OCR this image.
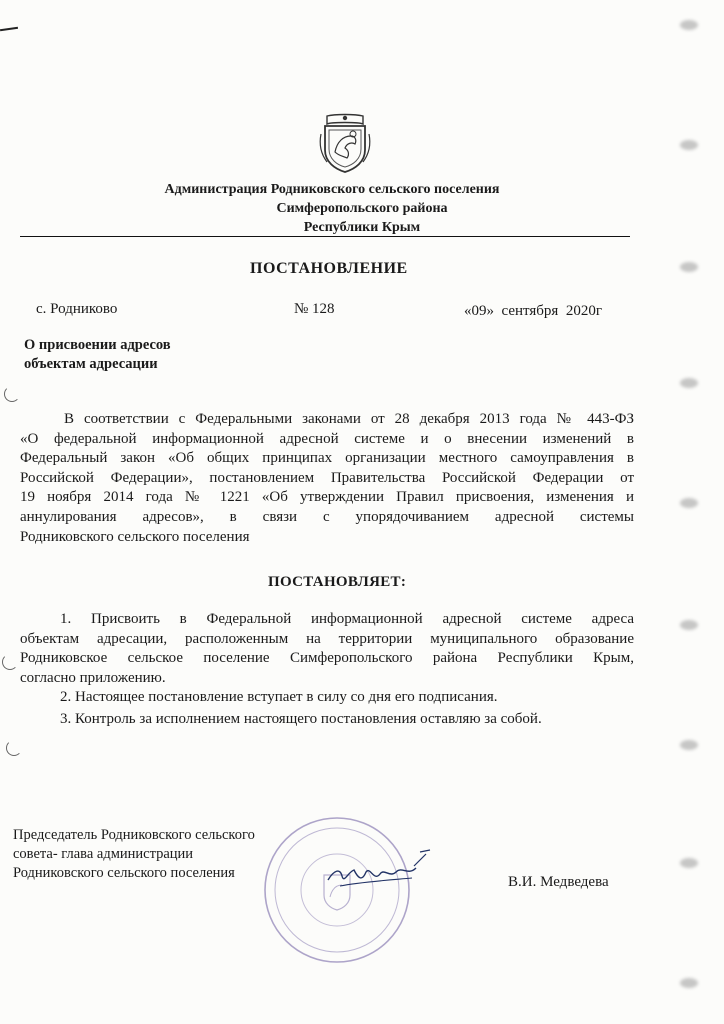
Администрация Родниковского сельского поселения
Симферопольского района
Республики Крым
ПОСТАНОВЛЕНИЕ
с. Родниково	№ 128	«09»  сентября  2020г
О присвоении адресов
объектам адресации
В соответствии с Федеральными законами от 28 декабря 2013 года № 443-ФЗ
«О федеральной информационной адресной системе и о внесении изменений в
Федеральный закон «Об общих принципах организации местного самоуправления в
Российской Федерации», постановлением Правительства Российской Федерации от
19 ноября 2014 года № 1221 «Об утверждении Правил присвоения, изменения и
аннулирования адресов», в связи с упорядочиванием адресной системы
Родниковского сельского поселения
ПОСТАНОВЛЯЕТ:
1. Присвоить в Федеральной информационной адресной системе адреса
объектам адресации, расположенным на территории муниципального образование
Родниковское сельское поселение Симферопольского района Республики Крым,
согласно приложению.
2. Настоящее постановление вступает в силу со дня его подписания.
3. Контроль за исполнением настоящего постановления оставляю за собой.
Председатель Родниковского сельского
совета- глава администрации
Родниковского сельского поселения
В.И. Медведева
